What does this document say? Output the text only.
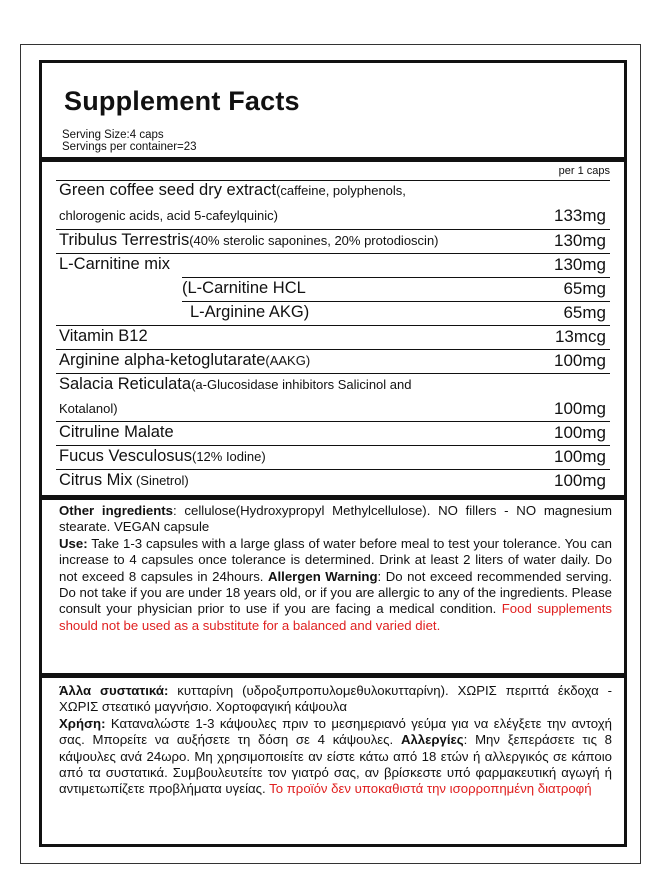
Supplement Facts
Serving Size:4 caps
Servings per container=23
per 1 caps
Green coffee seed dry extract(caffeine, polyphenols,
chlorogenic acids, acid 5-cafeylquinic)	133mg
Tribulus Terrestris(40% sterolic saponines, 20% protodioscin)	130mg
L-Carnitine mix	130mg
(L-Carnitine HCL	65mg
L-Arginine AKG)	65mg
Vitamin B12	13mcg
Arginine alpha-ketoglutarate(AAKG)	100mg
Salacia Reticulata(a-Glucosidase inhibitors Salicinol and
Kotalanol)	100mg
Citruline Malate	100mg
Fucus Vesculosus(12% Iodine)	100mg
Citrus Mix (Sinetrol)	100mg
Other ingredients: cellulose(Hydroxypropyl Methylcellulose). NO fillers - NO magnesium stearate. VEGAN capsule
Use: Take 1-3 capsules with a large glass of water before meal to test your tolerance. You can increase to 4 capsules once tolerance is determined. Drink at least 2 liters of water daily. Do not exceed 8 capsules in 24hours. Allergen Warning: Do not exceed recommended serving. Do not take if you are under 18 years old, or if you are allergic to any of the ingredients. Please consult your physician prior to use if you are facing a medical condition. Food supplements should not be used as a substitute for a balanced and varied diet.
Άλλα συστατικά: κυτταρίνη (υδροξυπροπυλομεθυλοκυτταρίνη). ΧΩΡΙΣ περιττά έκδοχα - ΧΩΡΙΣ στεατικό μαγνήσιο. Χορτοφαγική κάψουλα
Χρήση: Καταναλώστε 1-3 κάψουλες πριν το μεσημεριανό γεύμα για να ελέγξετε την αντοχή σας. Μπορείτε να αυξήσετε τη δόση σε 4 κάψουλες. Αλλεργίες: Μην ξεπεράσετε τις 8 κάψουλες ανά 24ωρο. Μη χρησιμοποιείτε αν είστε κάτω από 18 ετών ή αλλεργικός σε κάποιο από τα συστατικά. Συμβουλευτείτε τον γιατρό σας, αν βρίσκεστε υπό φαρμακευτική αγωγή ή αντιμετωπίζετε προβλήματα υγείας. Το προϊόν δεν υποκαθιστά την ισορροπημένη διατροφή
